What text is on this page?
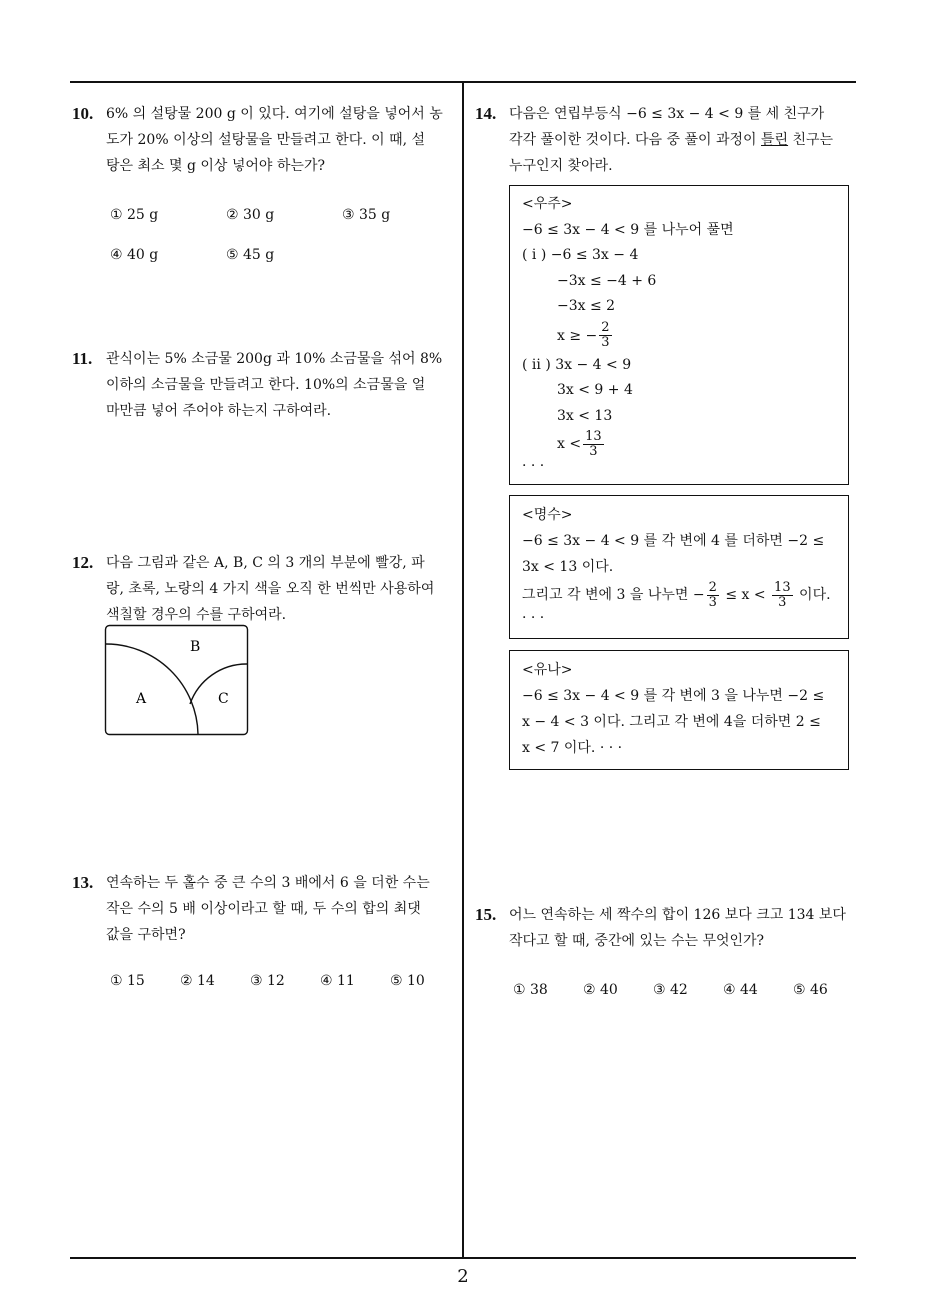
10. 6% 의 설탕물 200 g 이 있다. 여기에 설탕을 넣어서 농
도가 20% 이상의 설탕물을 만들려고 한다. 이 때, 설
탕은 최소 몇 g 이상 넣어야 하는가?
① 25 g	② 30 g	③ 35 g
④ 40 g	⑤ 45 g
11. 관식이는 5% 소금물 200g 과 10% 소금물을 섞어 8%
이하의 소금물을 만들려고 한다. 10%의 소금물을 얼
마만큼 넣어 주어야 하는지 구하여라.
12. 다음 그림과 같은 A, B, C 의 3 개의 부분에 빨강, 파
랑, 초록, 노랑의 4 가지 색을 오직 한 번씩만 사용하여
색칠할 경우의 수를 구하여라.
B
A	C
13. 연속하는 두 홀수 중 큰 수의 3 배에서 6 을 더한 수는
작은 수의 5 배 이상이라고 할 때, 두 수의 합의 최댓
값을 구하면?
① 15	② 14	③ 12	④ 11	⑤ 10
14. 다음은 연립부등식 −6 ≤ 3x − 4 < 9 를 세 친구가
각각 풀이한 것이다. 다음 중 풀이 과정이 틀린 친구는
누구인지 찾아라.
<우주>
−6 ≤ 3x − 4 < 9 를 나누어 풀면
( i ) −6 ≤ 3x − 4
−3x ≤ −4 + 6
−3x ≤ 2
x ≥ − $\frac{2}{3}$
( ii ) 3x − 4 < 9
3x < 9 + 4
3x < 13
$x < \frac{13}{3}$
· · ·
<명수>
−6 ≤ 3x − 4 < 9 를 각 변에 4 를 더하면 −2 ≤
3x < 13 이다.
그리고 각 변에 3 을 나누면 − $\frac{2}{3} \le x < \frac{13}{3}$ 이다.
· · ·
<유나>
−6 ≤ 3x − 4 < 9 를 각 변에 3 을 나누면 −2 ≤
x − 4 < 3 이다. 그리고 각 변에 4을 더하면 2 ≤
x < 7 이다. · · ·
15. 어느 연속하는 세 짝수의 합이 126 보다 크고 134 보다
작다고 할 때, 중간에 있는 수는 무엇인가?
① 38	② 40	③ 42	④ 44	⑤ 46
2
